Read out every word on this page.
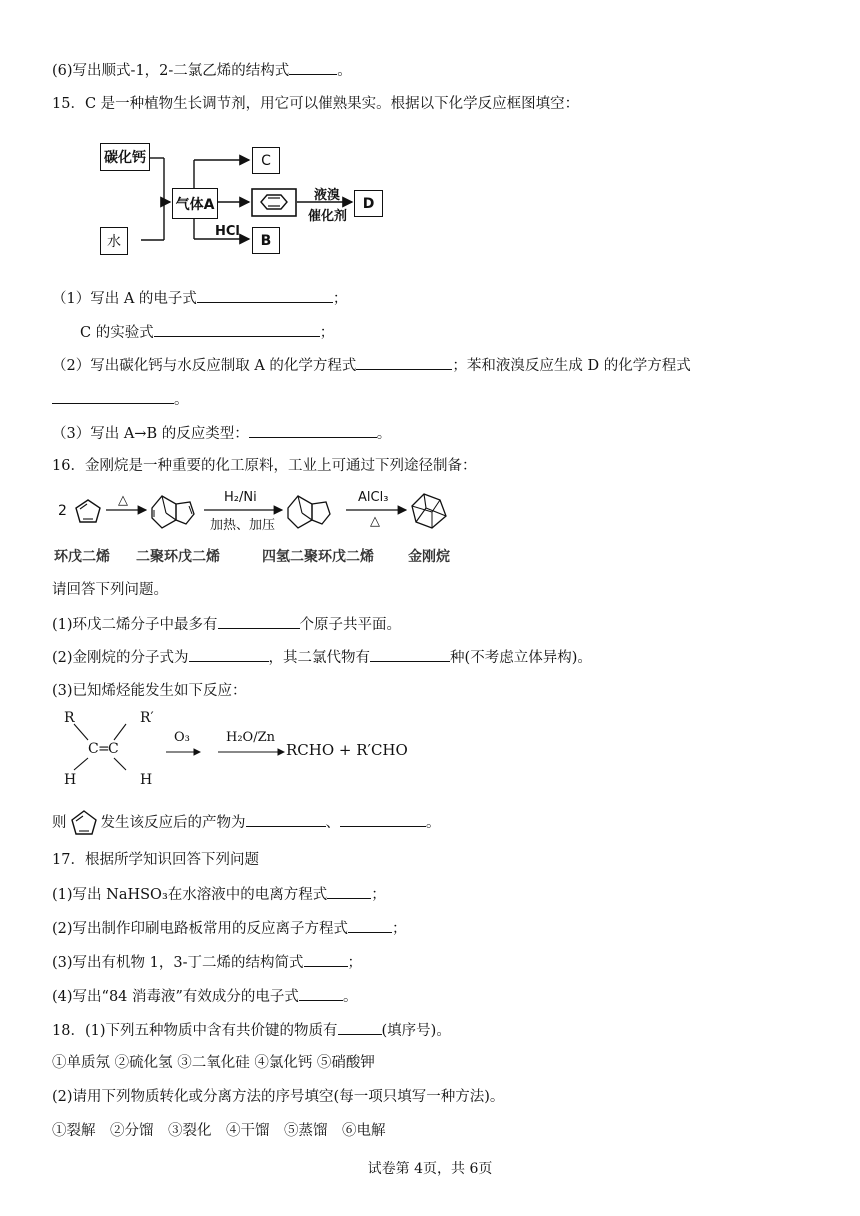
(6)写出顺式-1，2-二氯乙烯的结构式	。
15．C 是一种植物生长调节剂，用它可以催熟果实。根据以下化学反应框图填空：
碳化钙
水
气体A
C
B
D
HCl
液溴
催化剂
（1）写出 A 的电子式	；
C 的实验式	；
（2）写出碳化钙与水反应制取 A 的化学方程式	；苯和液溴反应生成 D 的化学方程式
。
（3）写出 A→B 的反应类型：	。
16．金刚烷是一种重要的化工原料，工业上可通过下列途径制备：
2
△	H₂/Ni
加热、加压
AlCl₃
△
环戊二烯 二聚环戊二烯	四氢二聚环戊二烯 金刚烷
请回答下列问题。
(1)环戊二烯分子中最多有	个原子共平面。
(2)金刚烷的分子式为	，其二氯代物有	种(不考虑立体异构)。
(3)已知烯烃能发生如下反应：
R	R′
C =
C
H	H
O₃	H₂O/Zn
RCHO + R′CHO
则 发生该反应后的产物为	、	。
17．根据所学知识回答下列问题
(1)写出 NaHSO₃在水溶液中的电离方程式	；
(2)写出制作印刷电路板常用的反应离子方程式	；
(3)写出有机物 1，3-丁二烯的结构简式	；
(4)写出“84 消毒液”有效成分的电子式	。
18．(1)下列五种物质中含有共价键的物质有	(填序号)。
①单质氖 ②硫化氢 ③二氧化硅 ④氯化钙 ⑤硝酸钾
(2)请用下列物质转化或分离方法的序号填空(每一项只填写一种方法)。
①裂解　②分馏　③裂化　④干馏　⑤蒸馏　⑥电解
试卷第 4页，共 6页
